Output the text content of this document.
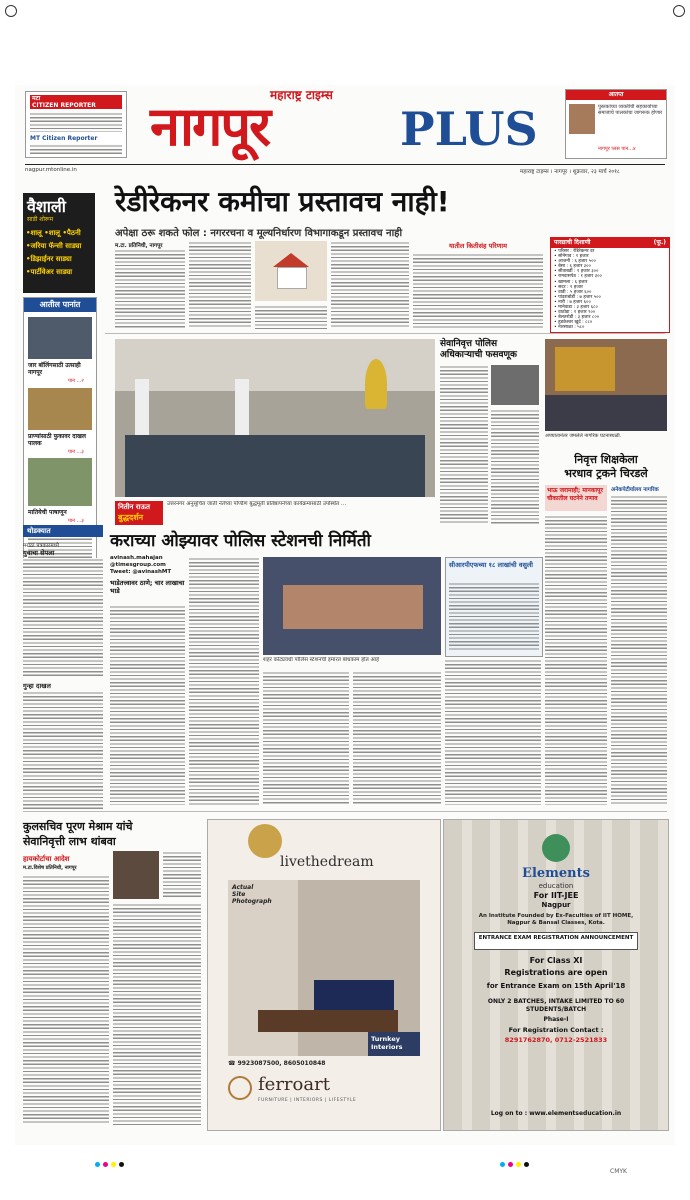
मटा
CITIZEN REPORTER
MT Citizen Reporter
महाराष्ट्र टाइम्स
नागपूर	PLUS
आतप्त
पुस्तकांच्या व्यक्तीची सहकार्याच्या समाजाचे पालकांचा जागरूक होणार
नागपूर प्लस पान...४
nagpur.mtonline.in	महाराष्ट्र टाइम्स । नागपूर । शुक्रवार, २३ मार्च २०१८
वैशाली
साडी शोरूम
•शालू •शालू •पैठनी
•जरिया फॅन्सी साड्या
•डिझाईनर साड्या
•पार्टीवेअर साड्या
आतील पानांत
जार बॉलिंगसाठी उत्साही नागपूर
पान ...२
प्राण्यांसाठी फुकावर दाखल पालक
पान ...३
मातियेची पाषाणून
पान ...३
रेडीरेकनर कमीचा प्रस्तावच नाही!
अपेक्षा ठरू शकते फोल : नगररचना व मूल्यनिर्धारण विभागाकडून प्रस्तावच नाही
म.टा. प्रतिनिधी, नागपूर	यातील कितीसंह परिणाम	पारद्याची दिशाणी	(फू.)
• परिसर : रेडिरेकनर दर
• सोनेगाव : १ हजार
• आजनी : ६ हजार ५००
• बेसा : ६ हजार ३००
• सीताबर्डी : १ हजार ३००
• रामदासपेठ : १ हजार ३००
• खामला : ६ हजार
• सदर : १ हजार
• वाडी : ५ हजार ६००
• पांढराबोडी : ७ हजार ५००
• नारी : ७ हजार ६००
• मानेवाडा : ३ हजार ६८०
• वाठोडा : १ हजार ९००
• बेलतरोडी : ३ हजार ८००
• हुडकेश्वर खुर्द : ८८०
• नारसाळा : ५८०
नितीन राऊत
बुद्धदर्शन
उत्तरनगर अनुसूचित जाती नेतेच्या पण्डिण बुद्धमूर्ती प्रतिष्ठापनेच्या कार्यक्रमासाठी उपस्थित ...
सेवानिवृत्त पोलिस
अधिकाऱ्याची फसवणूक
अपघातानंतर जमलेले नागरिक घटनास्थळी.
निवृत्त शिक्षकेला
भरधाव ट्रकने चिरडले
भाऊ जरामाही; मानकापूर चौकातील घटनेने तणाव
अनेकपेटीर्यालय नागरिक
थोडक्यात
मराठा पत्रकारमध्ये
युवाचा सेपला
गुन्हा दाखल
कराच्या ओझ्यावर पोलिस स्टेशनची निर्मिती
avinash.mahajan
@timesgroup.com
Tweet: @avinashMT
भाडेतत्त्वावर ठाणे; चार लाखाचा भाडे
शहर कोट्यवधी पोलिस स्टेशनची इमारत बांधकाम होत आहे
सीआरपीएफच्या १८ लाखांची वसुली
कुलसचिव पूरण मेश्राम यांचे
सेवानिवृत्ती लाभ थांबवा
हायकोर्टाचा आदेश
म.टा.विशेष प्रतिनिधी, नागपूर	livethedream
Actual Site Photograph
Turnkey Interiors
☎ 9923087500, 8605010848
ferroart
FURNITURE | INTERIORS | LIFESTYLE
Elements
education
For IIT-JEE
Nagpur
An Institute Founded by Ex-Faculties of IIT HOME, Nagpur & Bansal Classes, Kota.
ENTRANCE EXAM REGISTRATION ANNOUNCEMENT
For Class XI
Registrations are open
for Entrance Exam on 15th April'18
ONLY 2 BATCHES, INTAKE LIMITED TO 60 STUDENTS/BATCH
Phase-I
For Registration Contact :
8291762870, 0712-2521833
Log on to : www.elementseducation.in
CMYK
